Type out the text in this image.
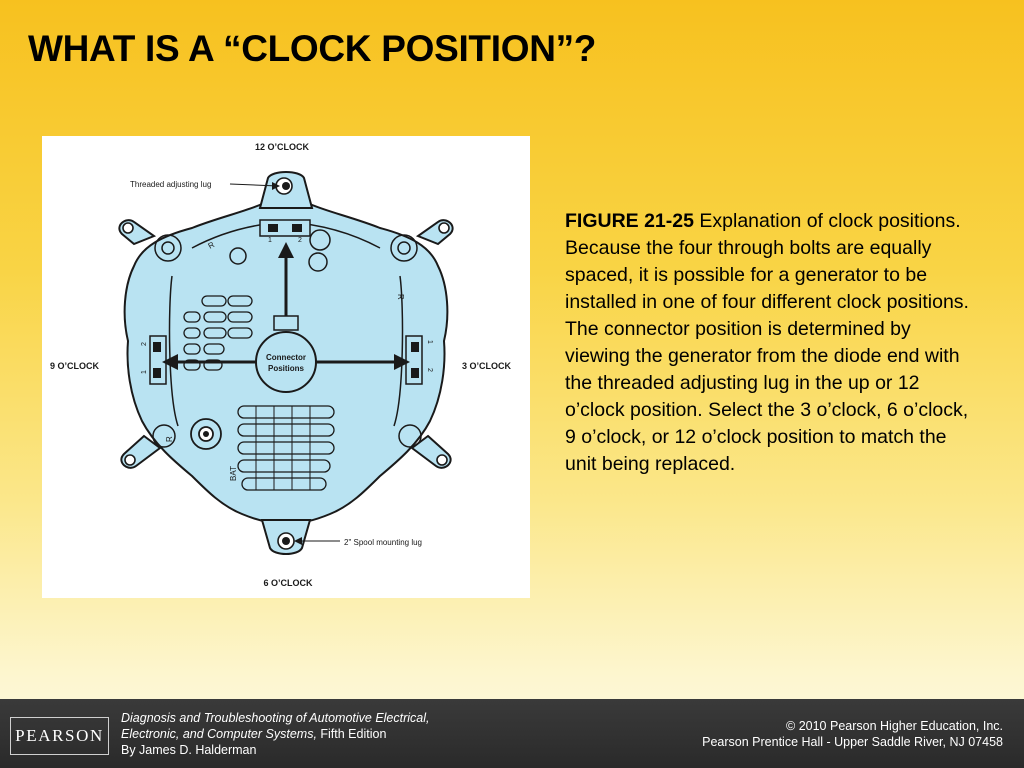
WHAT IS A “CLOCK POSITION”?
12 O’CLOCK
Threaded adjusting lug
9 O’CLOCK	3 O’CLOCK
6 O’CLOCK
2" Spool mounting lug
Connector
Positions
BAT
R
R
R
1	2
2
1
1
2

FIGURE 21-25 Explanation of clock positions. Because the four through bolts are equally spaced, it is possible for a generator to be installed in one of four different clock positions. The connector position is determined by viewing the generator from the diode end with the threaded adjusting lug in the up or 12 o’clock position. Select the 3 o’clock, 6 o’clock, 9 o’clock, or 12 o’clock position to match the unit being replaced.

PEARSON
Diagnosis and Troubleshooting of Automotive Electrical,
Electronic, and Computer Systems, Fifth Edition
By James D. Halderman
© 2010 Pearson Higher Education, Inc.
Pearson Prentice Hall - Upper Saddle River, NJ 07458
